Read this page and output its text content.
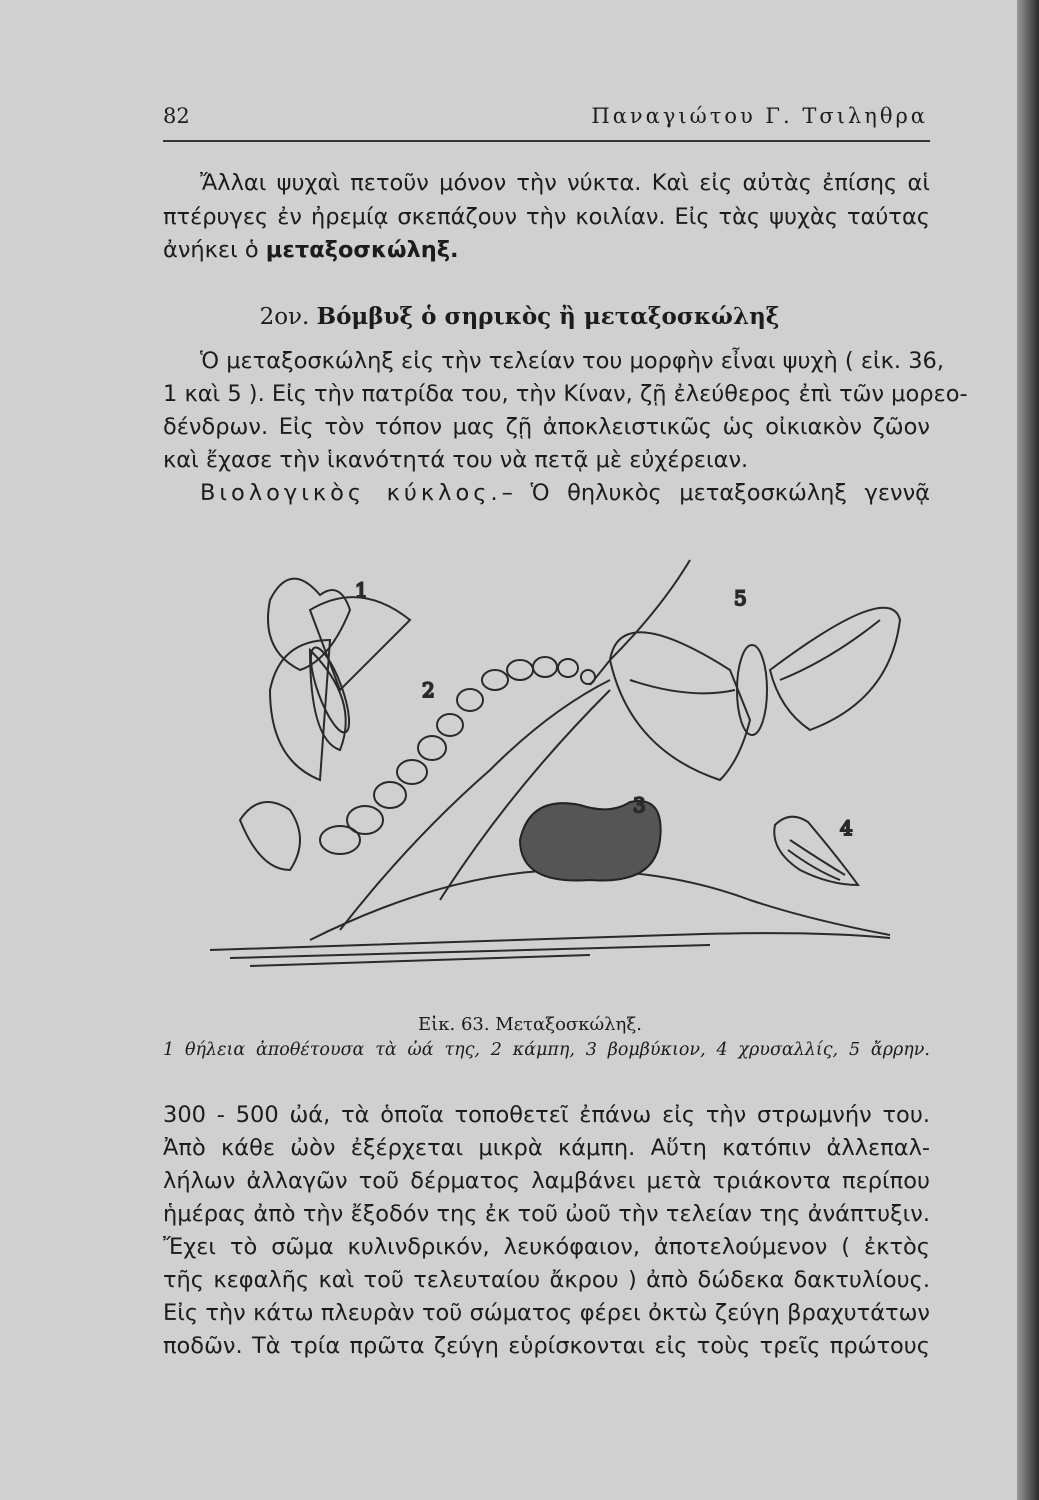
82	Παναγιώτου Γ. Τσιληθρα
Ἄλλαι ψυχαὶ πετοῦν μόνον τὴν νύκτα. Καὶ εἰς αὐτὰς ἐπίσης αἱ
πτέρυγες ἐν ἠρεμίᾳ σκεπάζουν τὴν κοιλίαν. Εἰς τὰς ψυχὰς ταύτας
ἀνήκει ὁ μεταξοσκώληξ.
2ον. Βόμβυξ ὁ σηρικὸς ἢ μεταξοσκώληξ
Ὁ μεταξοσκώληξ εἰς τὴν τελείαν του μορφὴν εἶναι ψυχὴ ( εἰκ. 36,
1 καὶ 5 ). Εἰς τὴν πατρίδα του, τὴν Κίναν, ζῇ ἐλεύθερος ἐπὶ τῶν μορεο-
δένδρων. Εἰς τὸν τόπον μας ζῇ ἀποκλειστικῶς ὡς οἰκιακὸν ζῶον
καὶ ἔχασε τὴν ἱκανότητά του νὰ πετᾷ μὲ εὐχέρειαν.
Βιολογικὸς κύκλος.– Ὁ θηλυκὸς μεταξοσκώληξ γεννᾷ
1
2
3
4
5
Εἰκ. 63. Μεταξοσκώληξ.
1 θήλεια ἀποθέτουσα τὰ ὠά της, 2 κάμπη, 3 βομβύκιον, 4 χρυσαλλίς, 5 ἄρρην.
300 - 500 ὠά, τὰ ὁποῖα τοποθετεῖ ἐπάνω εἰς τὴν στρωμνήν του.
Ἀπὸ κάθε ὠὸν ἐξέρχεται μικρὰ κάμπη. Αὕτη κατόπιν ἀλλεπαλ-
λήλων ἀλλαγῶν τοῦ δέρματος λαμβάνει μετὰ τριάκοντα περίπου
ἡμέρας ἀπὸ τὴν ἔξοδόν της ἐκ τοῦ ὠοῦ τὴν τελείαν της ἀνάπτυξιν.
Ἔχει τὸ σῶμα κυλινδρικόν, λευκόφαιον, ἀποτελούμενον ( ἐκτὸς
τῆς κεφαλῆς καὶ τοῦ τελευταίου ἄκρου ) ἀπὸ δώδεκα δακτυλίους.
Εἰς τὴν κάτω πλευρὰν τοῦ σώματος φέρει ὀκτὼ ζεύγη βραχυτάτων
ποδῶν. Τὰ τρία πρῶτα ζεύγη εὑρίσκονται εἰς τοὺς τρεῖς πρώτους
